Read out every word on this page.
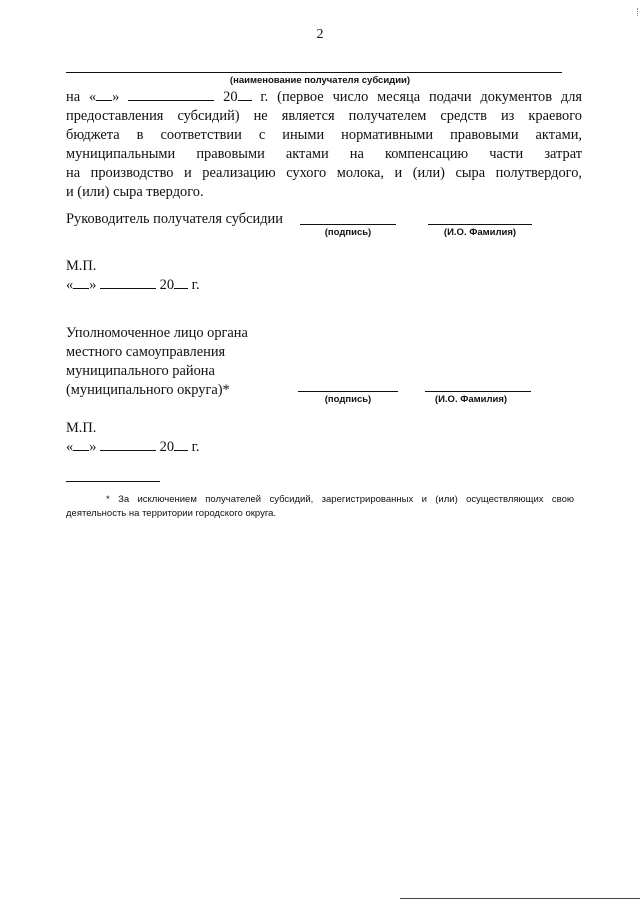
2
(наименование получателя субсидии)
на « »	20 г. (первое число месяца подачи документов для
предоставления субсидий) не является получателем средств из краевого
бюджета в соответствии с иными нормативными правовыми актами,
муниципальными правовыми актами на компенсацию части затрат
на производство и реализацию сухого молока, и (или) сыра полутвердого,
и (или) сыра твердого.
Руководитель получателя субсидии
(подпись)	(И.О. Фамилия)
М.П.
« »	20 г.
Уполномоченное лицо органа
местного самоуправления
муниципального района
(муниципального округа)*
(подпись)	(И.О. Фамилия)
М.П.
« »	20 г.
* За исключением получателей субсидий, зарегистрированных и (или) осуществляющих свою
деятельность на территории городского округа.
